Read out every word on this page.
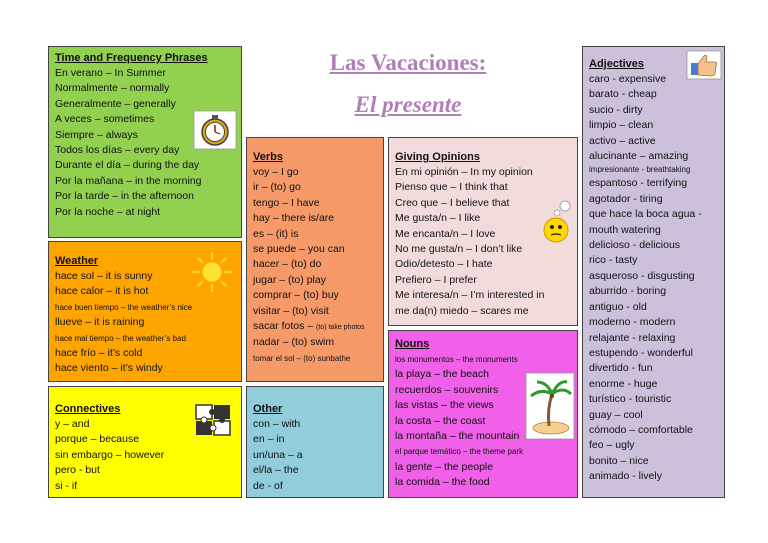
Las Vacaciones:
El presente
Time and Frequency Phrases
En verano – In Summer
Normalmente – normally
Generalmente – generally
A veces – sometimes
Siempre – always
Todos los días – every day
Durante el día – during the day
Por la mañana – in the morning
Por la tarde – in the afternoon
Por la noche – at night
Weather
hace sol – it is sunny
hace calor – it is hot
hace buen tiempo – the weather’s nice
llueve – it is raining
hace mal tiempo – the weather’s bad
hace frío – it’s cold
hace viento – it’s windy
Connectives
y – and
porque – because
sin embargo – however
pero - but
si - if
Verbs
voy – I go
ir – (to) go
tengo – I have
hay – there is/are
es – (it) is
se puede – you can
hacer – (to) do
jugar – (to) play
comprar – (to) buy
visitar – (to) visit
sacar fotos – (to) take photos
nadar – (to) swim
tomar el sol – (to) sunbathe
Other
con – with
en – in
un/una – a
el/la – the
de - of
Giving Opinions
En mi opinión – In my opinion
Pienso que – I think that
Creo que – I believe that
Me gusta/n – I like
Me encanta/n – I love
No me gusta/n – I don’t like
Odio/detesto – I hate
Prefiero – I prefer
Me interesa/n – I’m interested in
me da(n) miedo – scares me
Nouns
los monumentos – the monuments
la playa – the beach
recuerdos – souvenirs
las vistas – the views
la costa – the coast
la montaña – the mountain
el parque temático – the theme park
la gente – the people
la comida – the food
Adjectives
caro - expensive
barato - cheap
sucio - dirty
limpio – clean
activo – active
alucinante – amazing
impresionante - breathtaking
espantoso - terrifying
agotador - tiring
que hace la boca agua -
mouth watering
delicioso - delicious
rico - tasty
asqueroso - disgusting
aburrido - boring
antiguo - old
moderno - modern
relajante - relaxing
estupendo - wonderful
divertido - fun
enorme - huge
turístico - touristic
guay – cool
cómodo – comfortable
feo – ugly
bonito – nice
animado - lively
